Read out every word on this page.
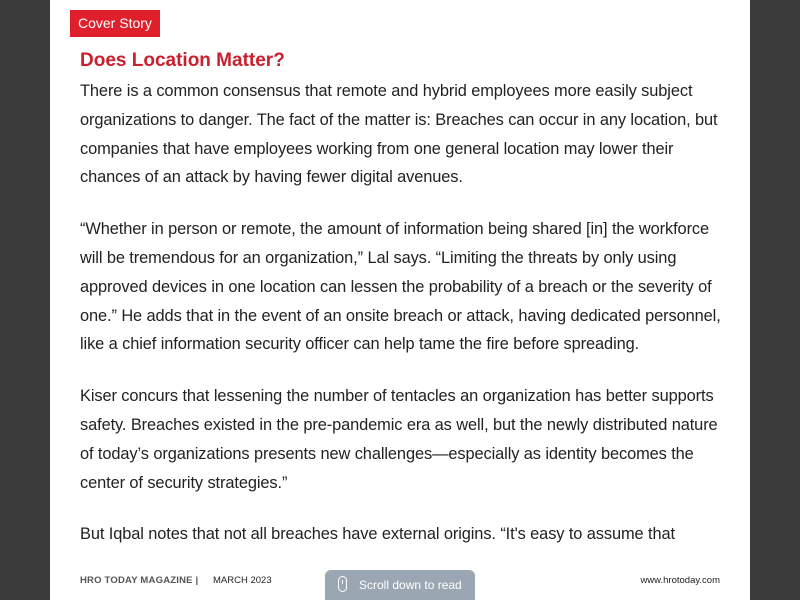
Cover Story
Does Location Matter?

There is a common consensus that remote and hybrid employees more easily subject organizations to danger. The fact of the matter is: Breaches can occur in any location, but companies that have employees working from one general location may lower their chances of an attack by having fewer digital avenues.

“Whether in person or remote, the amount of information being shared [in] the workforce will be tremendous for an organization,” Lal says. “Limiting the threats by only using approved devices in one location can lessen the probability of a breach or the severity of one.” He adds that in the event of an onsite breach or attack, having dedicated personnel, like a chief information security officer can help tame the fire before spreading.

Kiser concurs that lessening the number of tentacles an organization has better supports safety. Breaches existed in the pre-pandemic era as well, but the newly distributed nature of today’s organizations presents new challenges—especially as identity becomes the center of security strategies.”

But Iqbal notes that not all breaches have external origins. “It's easy to assume that

HRO TODAY MAGAZINE | MARCH 2023	www.hrotoday.com
Scroll down to read
